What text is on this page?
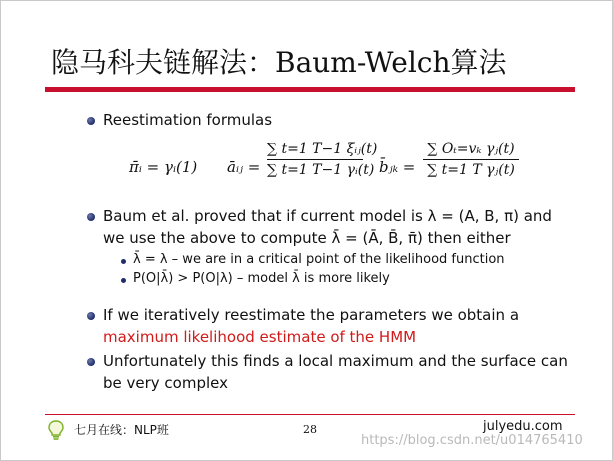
隐马科夫链解法：Baum-Welch算法
Reestimation formulas
π̄ᵢ = γᵢ(1) āᵢⱼ =
∑ t=1 T−1 ξᵢⱼ(t)
∑ t=1 T−1 γᵢ(t) b̄ⱼₖ =
∑ Oₜ=vₖ γⱼ(t)
∑ t=1 T γⱼ(t)
Baum et al. proved that if current model is λ = (A, B, π) and
we use the above to compute λ̄ = (Ā, B̄, π̄) then either
λ̄ = λ – we are in a critical point of the likelihood function
P(O|λ̄) > P(O|λ) – model λ̄ is more likely
If we iteratively reestimate the parameters we obtain a
maximum likelihood estimate of the HMM
Unfortunately this finds a local maximum and the surface can
be very complex
七月在线：NLP班	28	julyedu.com
https://blog.csdn.net/u014765410
